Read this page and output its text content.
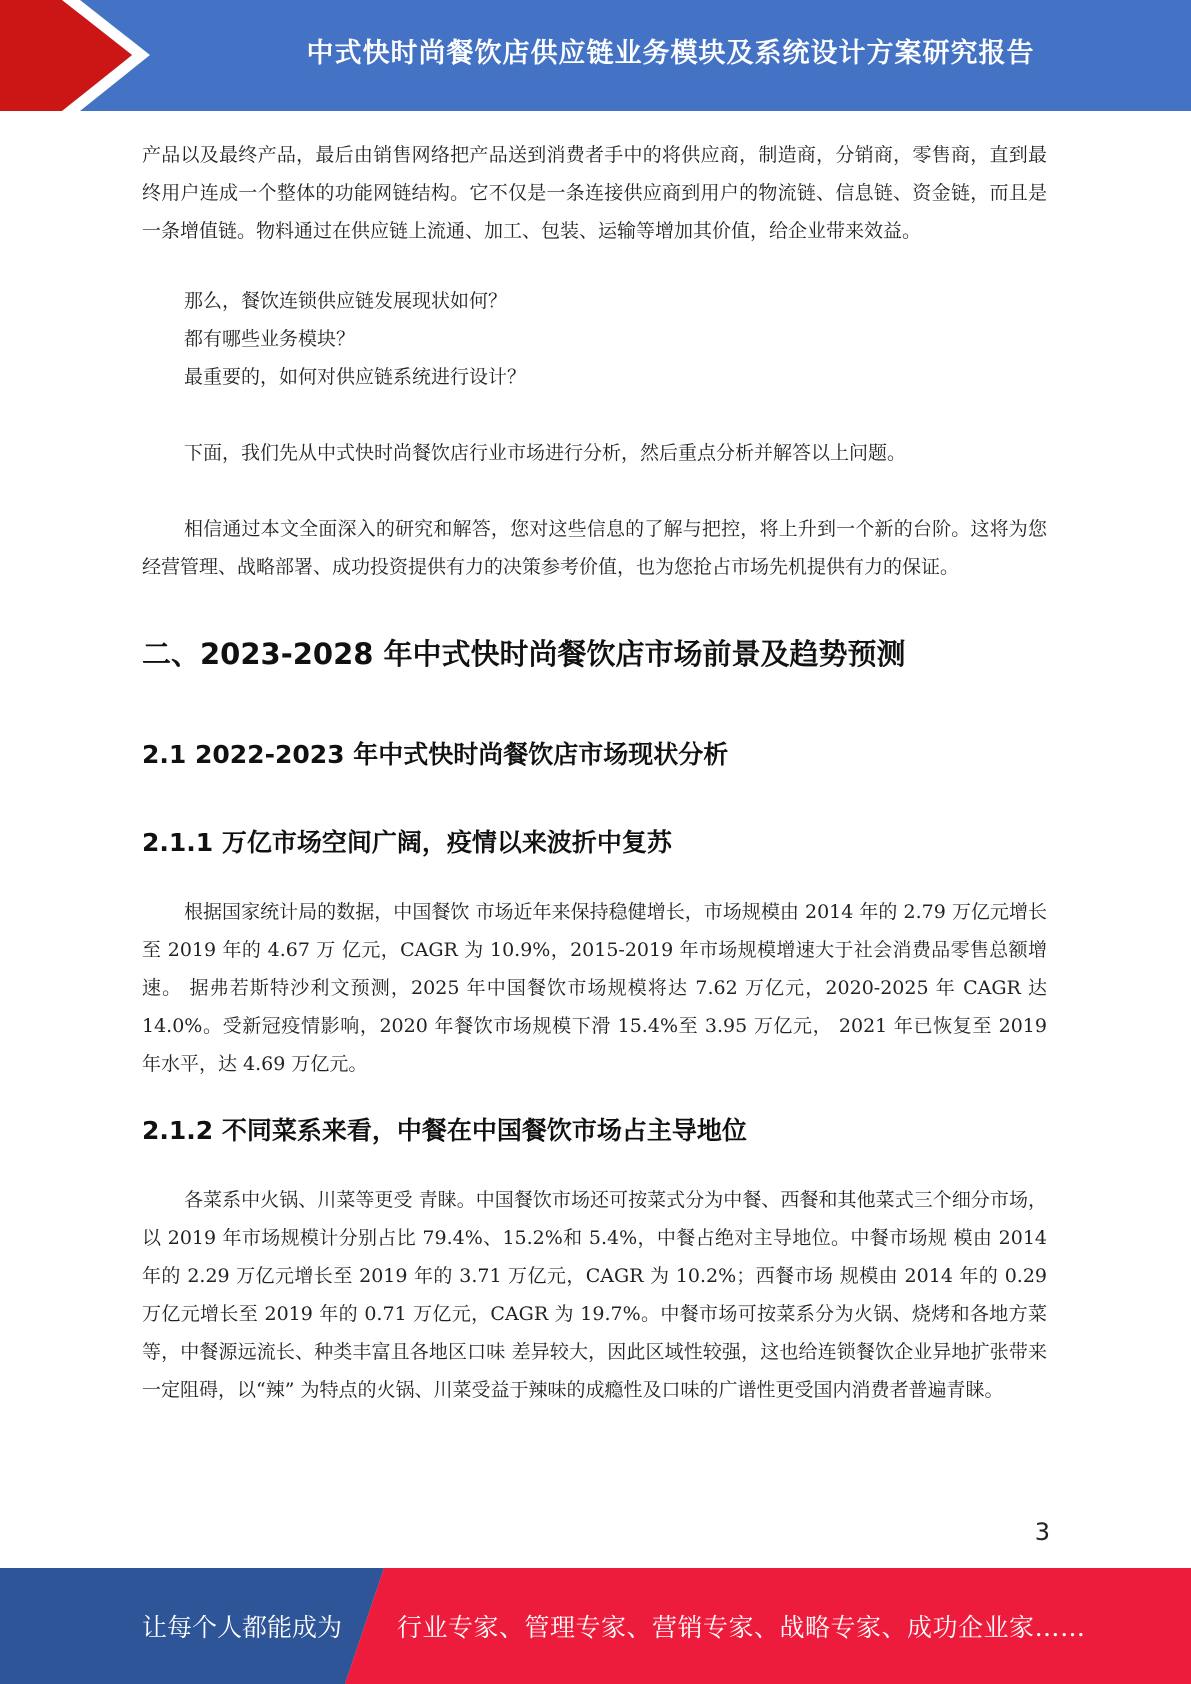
中式快时尚餐饮店供应链业务模块及系统设计方案研究报告

产品以及最终产品，最后由销售网络把产品送到消费者手中的将供应商，制造商，分销商，零售商，直到最终用户连成一个整体的功能网链结构。它不仅是一条连接供应商到用户的物流链、信息链、资金链，而且是一条增值链。物料通过在供应链上流通、加工、包装、运输等增加其价值，给企业带来效益。

那么，餐饮连锁供应链发展现状如何？

都有哪些业务模块？

最重要的，如何对供应链系统进行设计？

下面，我们先从中式快时尚餐饮店行业市场进行分析，然后重点分析并解答以上问题。

相信通过本文全面深入的研究和解答，您对这些信息的了解与把控，将上升到一个新的台阶。这将为您经营管理、战略部署、成功投资提供有力的决策参考价值，也为您抢占市场先机提供有力的保证。

二、2023-2028 年中式快时尚餐饮店市场前景及趋势预测
2.1 2022-2023 年中式快时尚餐饮店市场现状分析
2.1.1 万亿市场空间广阔，疫情以来波折中复苏

根据国家统计局的数据，中国餐饮 市场近年来保持稳健增长，市场规模由 2014 年的 2.79 万亿元增长至 2019 年的 4.67 万 亿元，CAGR 为 10.9%，2015-2019 年市场规模增速大于社会消费品零售总额增速。 据弗若斯特沙利文预测，2025 年中国餐饮市场规模将达 7.62 万亿元，2020-2025 年 CAGR 达 14.0%。受新冠疫情影响，2020 年餐饮市场规模下滑 15.4%至 3.95 万亿元， 2021 年已恢复至 2019 年水平，达 4.69 万亿元。

2.1.2 不同菜系来看，中餐在中国餐饮市场占主导地位

各菜系中火锅、川菜等更受 青睐。中国餐饮市场还可按菜式分为中餐、西餐和其他菜式三个细分市场，以 2019 年市场规模计分别占比 79.4%、15.2%和 5.4%，中餐占绝对主导地位。中餐市场规 模由 2014 年的 2.29 万亿元增长至 2019 年的 3.71 万亿元，CAGR 为 10.2%；西餐市场 规模由 2014 年的 0.29 万亿元增长至 2019 年的 0.71 万亿元，CAGR 为 19.7%。中餐市场可按菜系分为火锅、烧烤和各地方菜等，中餐源远流长、种类丰富且各地区口味 差异较大，因此区域性较强，这也给连锁餐饮企业异地扩张带来一定阻碍，以“辣” 为特点的火锅、川菜受益于辣味的成瘾性及口味的广谱性更受国内消费者普遍青睐。

3
让每个人都能成为 行业专家、管理专家、营销专家、战略专家、成功企业家……
